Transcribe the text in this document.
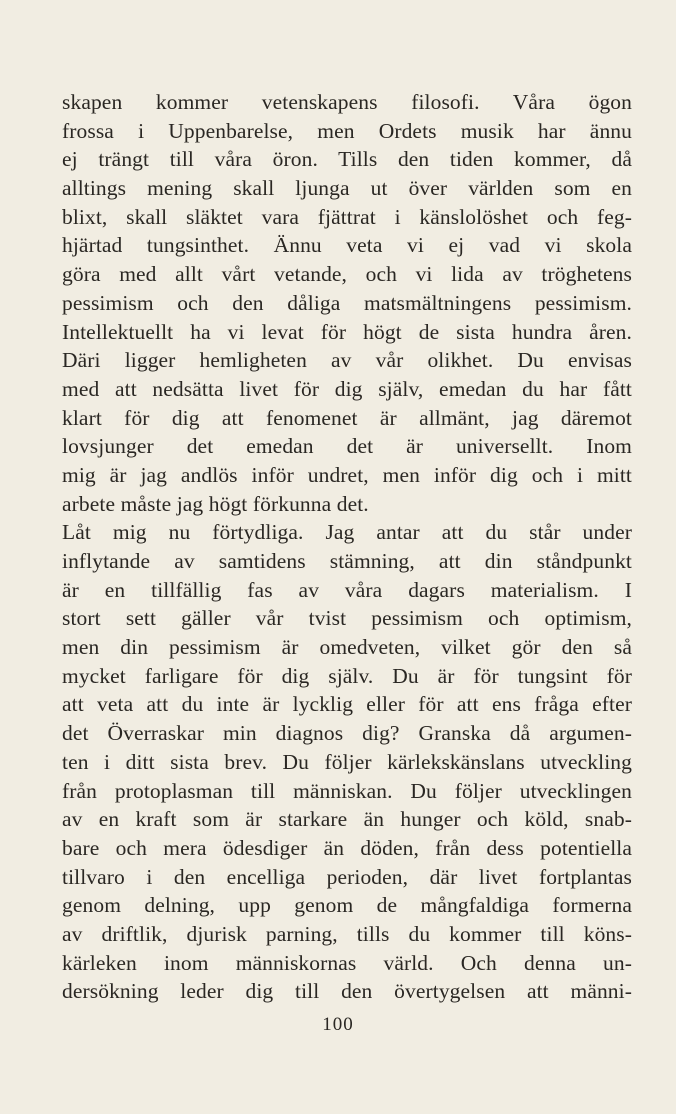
skapen kommer vetenskapens filosofi. Våra ögon
frossa i Uppenbarelse, men Ordets musik har ännu
ej trängt till våra öron. Tills den tiden kommer, då
alltings mening skall ljunga ut över världen som en
blixt, skall släktet vara fjättrat i känslolöshet och feg-
hjärtad tungsinthet. Ännu veta vi ej vad vi skola
göra med allt vårt vetande, och vi lida av tröghetens
pessimism och den dåliga matsmältningens pessimism.
Intellektuellt ha vi levat för högt de sista hundra åren.
Däri ligger hemligheten av vår olikhet. Du envisas
med att nedsätta livet för dig själv, emedan du har fått
klart för dig att fenomenet är allmänt, jag däremot
lovsjunger det emedan det är universellt. Inom
mig är jag andlös inför undret, men inför dig och i mitt
arbete måste jag högt förkunna det.
Låt mig nu förtydliga. Jag antar att du står under
inflytande av samtidens stämning, att din ståndpunkt
är en tillfällig fas av våra dagars materialism. I
stort sett gäller vår tvist pessimism och optimism,
men din pessimism är omedveten, vilket gör den så
mycket farligare för dig själv. Du är för tungsint för
att veta att du inte är lycklig eller för att ens fråga efter
det Överraskar min diagnos dig? Granska då argumen-
ten i ditt sista brev. Du följer kärlekskänslans utveckling
från protoplasman till människan. Du följer utvecklingen
av en kraft som är starkare än hunger och köld, snab-
bare och mera ödesdiger än döden, från dess potentiella
tillvaro i den encelliga perioden, där livet fortplantas
genom delning, upp genom de mångfaldiga formerna
av driftlik, djurisk parning, tills du kommer till köns-
kärleken inom människornas värld. Och denna un-
dersökning leder dig till den övertygelsen att männi-
100
